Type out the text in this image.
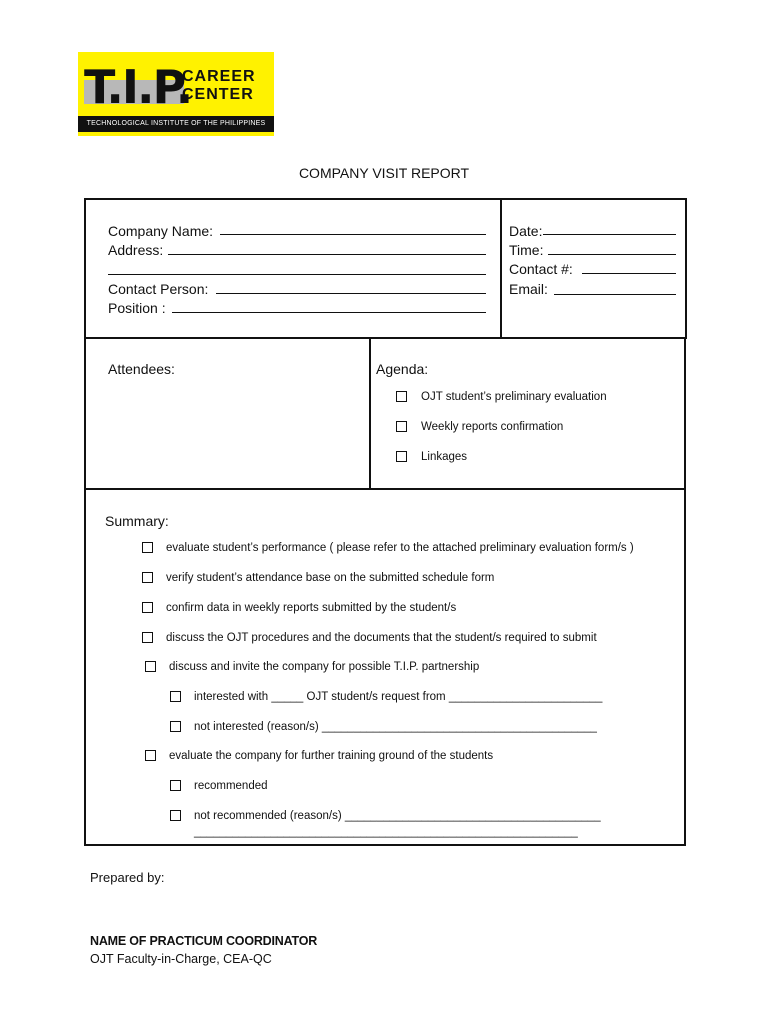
T.I.P.
CAREER
CENTER
TECHNOLOGICAL INSTITUTE OF THE PHILIPPINES
COMPANY VISIT REPORT
Company Name:
Address:
Contact Person:
Position :
Date:
Time:
Contact #:
Email:
Attendees:	Agenda:
OJT student’s preliminary evaluation
Weekly reports confirmation
Linkages
Summary:
evaluate student’s performance ( please refer to the attached preliminary evaluation form/s )
verify student’s attendance base on the submitted schedule form
confirm data in weekly reports submitted by the student/s
discuss the OJT procedures and the documents that the student/s required to submit
discuss and invite the company for possible T.I.P. partnership
interested with _____ OJT student/s request from ________________________
not interested (reason/s) ___________________________________________
evaluate the company for further training ground of the students
recommended
not recommended (reason/s) ________________________________________
____________________________________________________________
Prepared by:
NAME OF PRACTICUM COORDINATOR
OJT Faculty-in-Charge, CEA-QC
